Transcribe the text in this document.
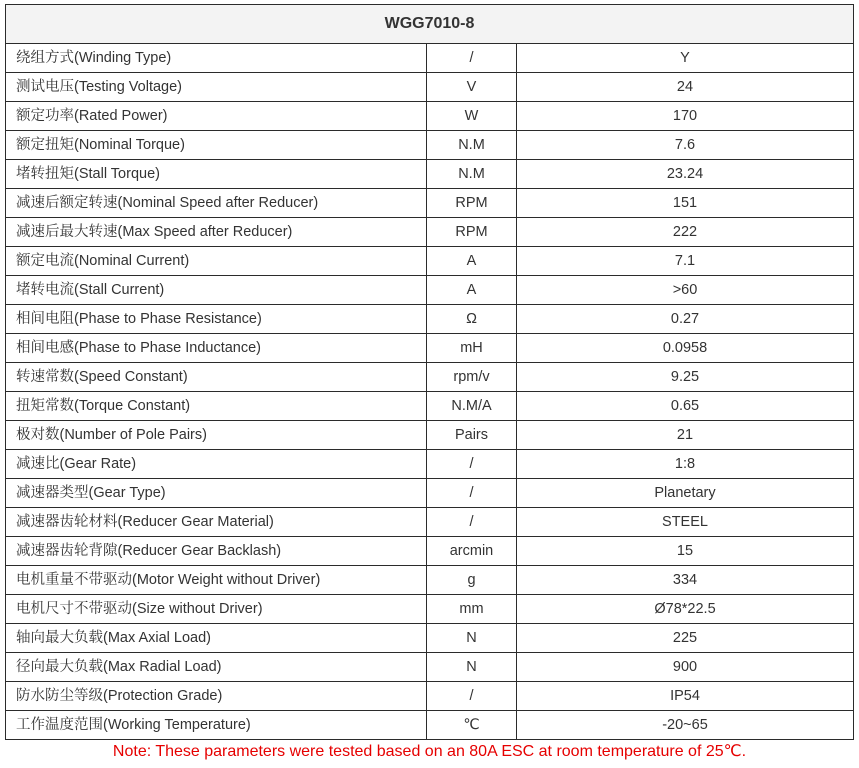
WGG7010-8		
绕组方式(Winding Type)	/	Y
测试电压(Testing Voltage)	V	24
额定功率(Rated Power)	W	170
额定扭矩(Nominal Torque)	N.M	7.6
堵转扭矩(Stall Torque)	N.M	23.24
减速后额定转速(Nominal Speed after Reducer)	RPM	151
减速后最大转速(Max Speed after Reducer)	RPM	222
额定电流(Nominal Current)	A	7.1
堵转电流(Stall Current)	A	>60
相间电阻(Phase to Phase Resistance)	Ω	0.27
相间电感(Phase to Phase Inductance)	mH	0.0958
转速常数(Speed Constant)	rpm/v	9.25
扭矩常数(Torque Constant)	N.M/A	0.65
极对数(Number of Pole Pairs)	Pairs	21
减速比(Gear Rate)	/	1:8
减速器类型(Gear Type)	/	Planetary
减速器齿轮材料(Reducer Gear Material)	/	STEEL
减速器齿轮背隙(Reducer Gear Backlash)	arcmin	15
电机重量不带驱动(Motor Weight without Driver)	g	334
电机尺寸不带驱动(Size without Driver)	mm	Ø78*22.5
轴向最大负载(Max Axial Load)	N	225
径向最大负载(Max Radial Load)	N	900
防水防尘等级(Protection Grade)	/	IP54
工作温度范围(Working Temperature)	℃	-20~65
Note: These parameters were tested based on an 80A ESC at room temperature of 25℃.
